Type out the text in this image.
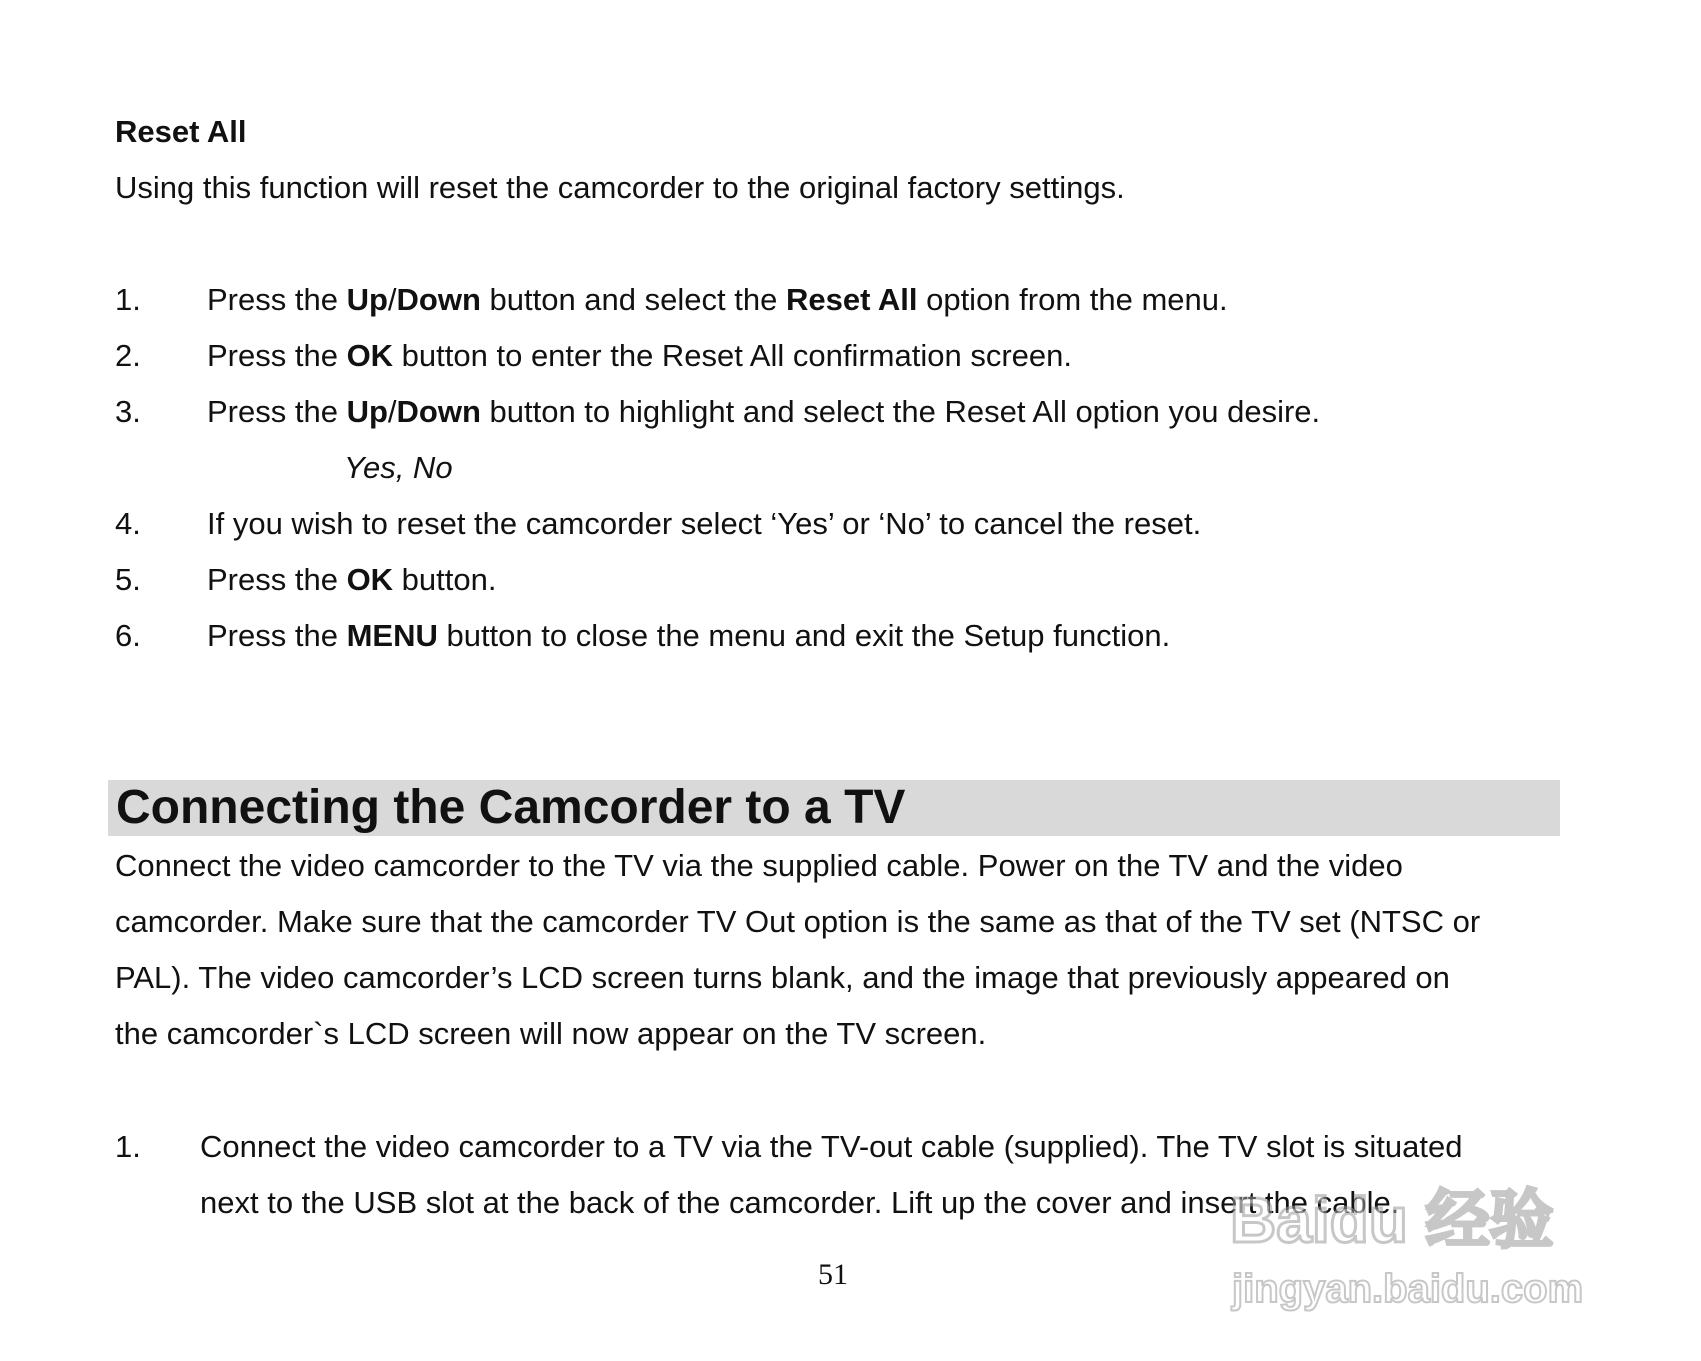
Reset All
Using this function will reset the camcorder to the original factory settings.
1. Press the Up/Down button and select the Reset All option from the menu.
2. Press the OK button to enter the Reset All confirmation screen.
3. Press the Up/Down button to highlight and select the Reset All option you desire.
Yes, No
4. If you wish to reset the camcorder select ‘Yes’ or ‘No’ to cancel the reset.
5. Press the OK button.
6. Press the MENU button to close the menu and exit the Setup function.
Connecting the Camcorder to a TV
Connect the video camcorder to the TV via the supplied cable. Power on the TV and the video
camcorder. Make sure that the camcorder TV Out option is the same as that of the TV set (NTSC or
PAL). The video camcorder’s LCD screen turns blank, and the image that previously appeared on
the camcorder`s LCD screen will now appear on the TV screen.
1. Connect the video camcorder to a TV via the TV-out cable (supplied). The TV slot is situated
next to the USB slot at the back of the camcorder. Lift up the cover and insert the cable.
51
Baidu 经验
jingyan.baidu.com
